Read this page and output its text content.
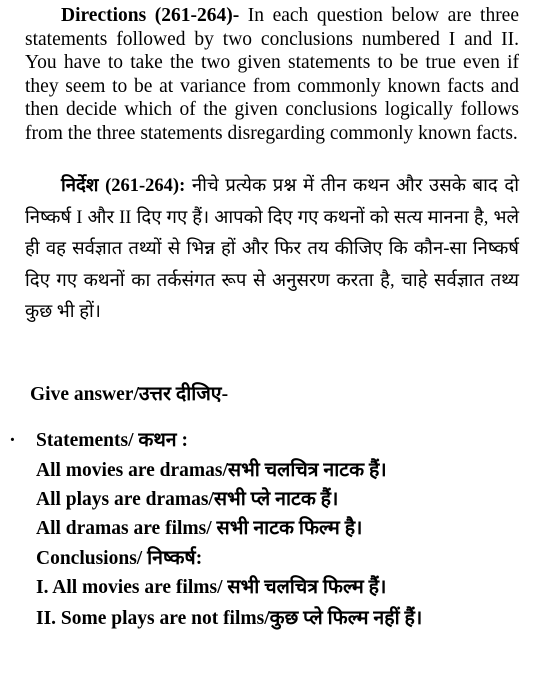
Directions (261-264)- In each question below are three statements followed by two conclusions numbered I and II. You have to take the two given statements to be true even if they seem to be at variance from commonly known facts and then decide which of the given conclusions logically follows from the three statements disregarding commonly known facts.
निर्देश (261-264): नीचे प्रत्येक प्रश्न में तीन कथन और उसके बाद दो निष्कर्ष I और II दिए गए हैं। आपको दिए गए कथनों को सत्य मानना है, भले ही वह सर्वज्ञात तथ्यों से भिन्न हों और फिर तय कीजिए कि कौन-सा निष्कर्ष दिए गए कथनों का तर्कसंगत रूप से अनुसरण करता है, चाहे सर्वज्ञात तथ्य कुछ भी हों।
Give answer/उत्तर दीजिए-
. Statements/ कथन :
All movies are dramas/सभी चलचित्र नाटक हैं।
All plays are dramas/सभी प्ले नाटक हैं।
All dramas are films/ सभी नाटक फिल्म है।
Conclusions/ निष्कर्ष:
I. All movies are films/ सभी चलचित्र फिल्म हैं।
II. Some plays are not films/कुछ प्ले फिल्म नहीं हैं।
